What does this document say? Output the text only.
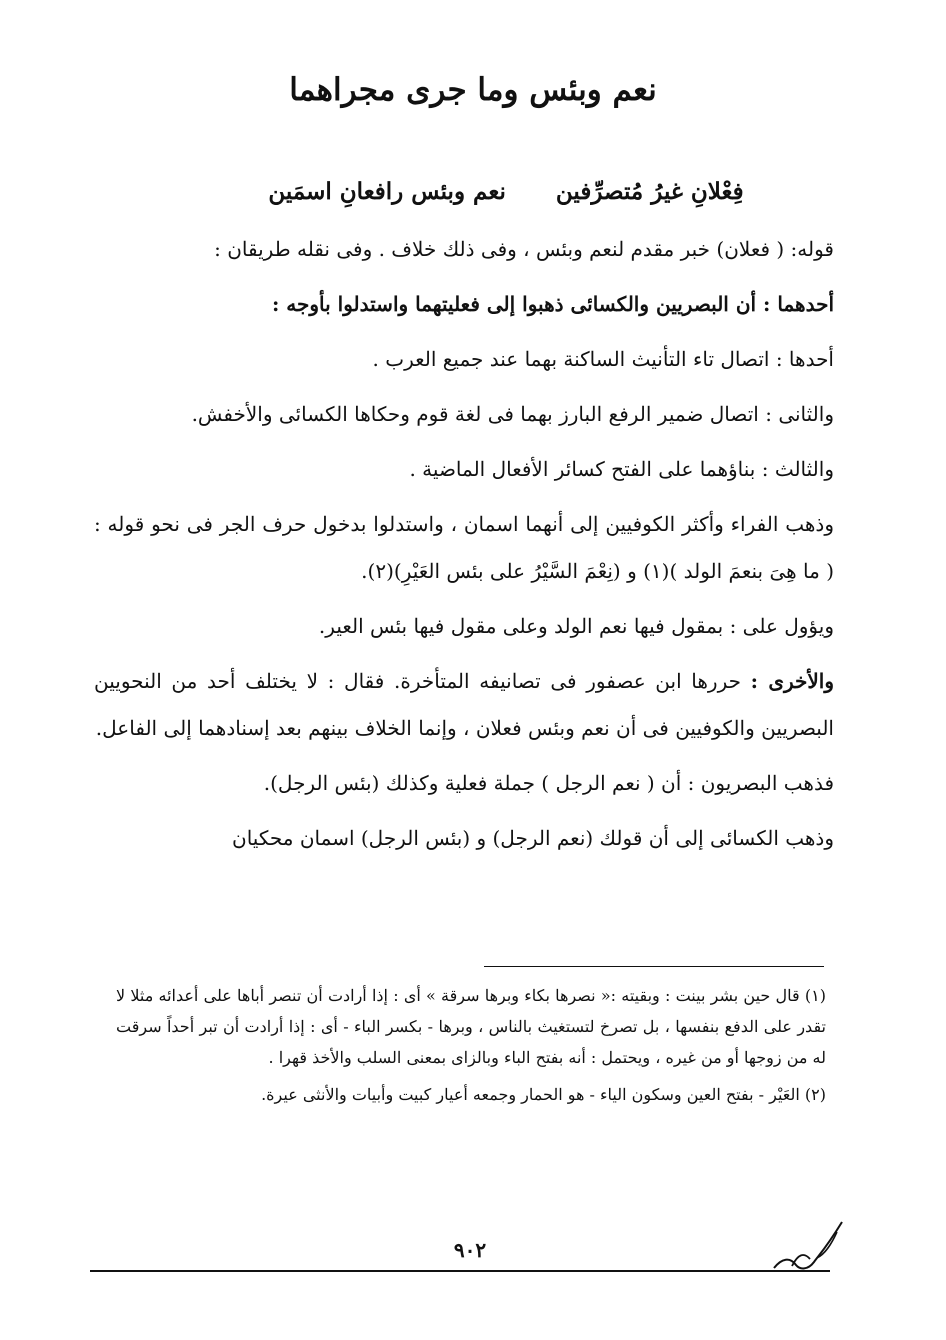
نعم وبئس وما جرى مجراهما
فِعْلانِ غيرُ مُتصرِّفين  نعم وبئس رافعانِ اسمَين

قوله: ( فعلان) خبر مقدم لنعم وبئس ، وفى ذلك خلاف . وفى نقله طريقان :

أحدهما : أن البصريين والكسائى ذهبوا إلى فعليتهما واستدلوا بأوجه :

أحدها : اتصال تاء التأنيث الساكنة بهما عند جميع العرب .

والثانى : اتصال ضمير الرفع البارز بهما فى لغة قوم وحكاها الكسائى والأخفش.

والثالث : بناؤهما على الفتح كسائر الأفعال الماضية .

وذهب الفراء وأكثر الكوفيين إلى أنهما اسمان ، واستدلوا بدخول حرف الجر فى نحو قوله :( ما هِىَ بنعمَ الولد )(١) و (نِعْمَ السَّيْرُ على بئس العَيْرِ)(٢).

ويؤول على : بمقول فيها نعم الولد وعلى مقول فيها بئس العير.

والأخرى : حررها ابن عصفور فى تصانيفه المتأخرة. فقال : لا يختلف أحد من النحويين البصريين والكوفيين فى أن نعم وبئس فعلان ، وإنما الخلاف بينهم بعد إسنادهما إلى الفاعل.

فذهب البصريون : أن ( نعم الرجل ) جملة فعلية وكذلك (بئس الرجل).

وذهب الكسائى إلى أن قولك (نعم الرجل) و (بئس الرجل) اسمان محكيان

(١) قال حين بشر بينت : وبقيته :« نصرها بكاء وبرها سرقة » أى : إذا أرادت أن تنصر أباها على أعدائه مثلا لا تقدر على الدفع بنفسها ، بل تصرخ لتستغيث بالناس ، وبرها - بكسر الباء - أى : إذا أرادت أن تبر أحداً سرقت له من زوجها أو من غيره ، ويحتمل : أنه بفتح الباء وبالزاى بمعنى السلب والأخذ قهرا .

(٢) العَيْر - بفتح العين وسكون الياء - هو الحمار وجمعه أعيار كبيت وأبيات والأنثى عيرة.

٩٠٢
